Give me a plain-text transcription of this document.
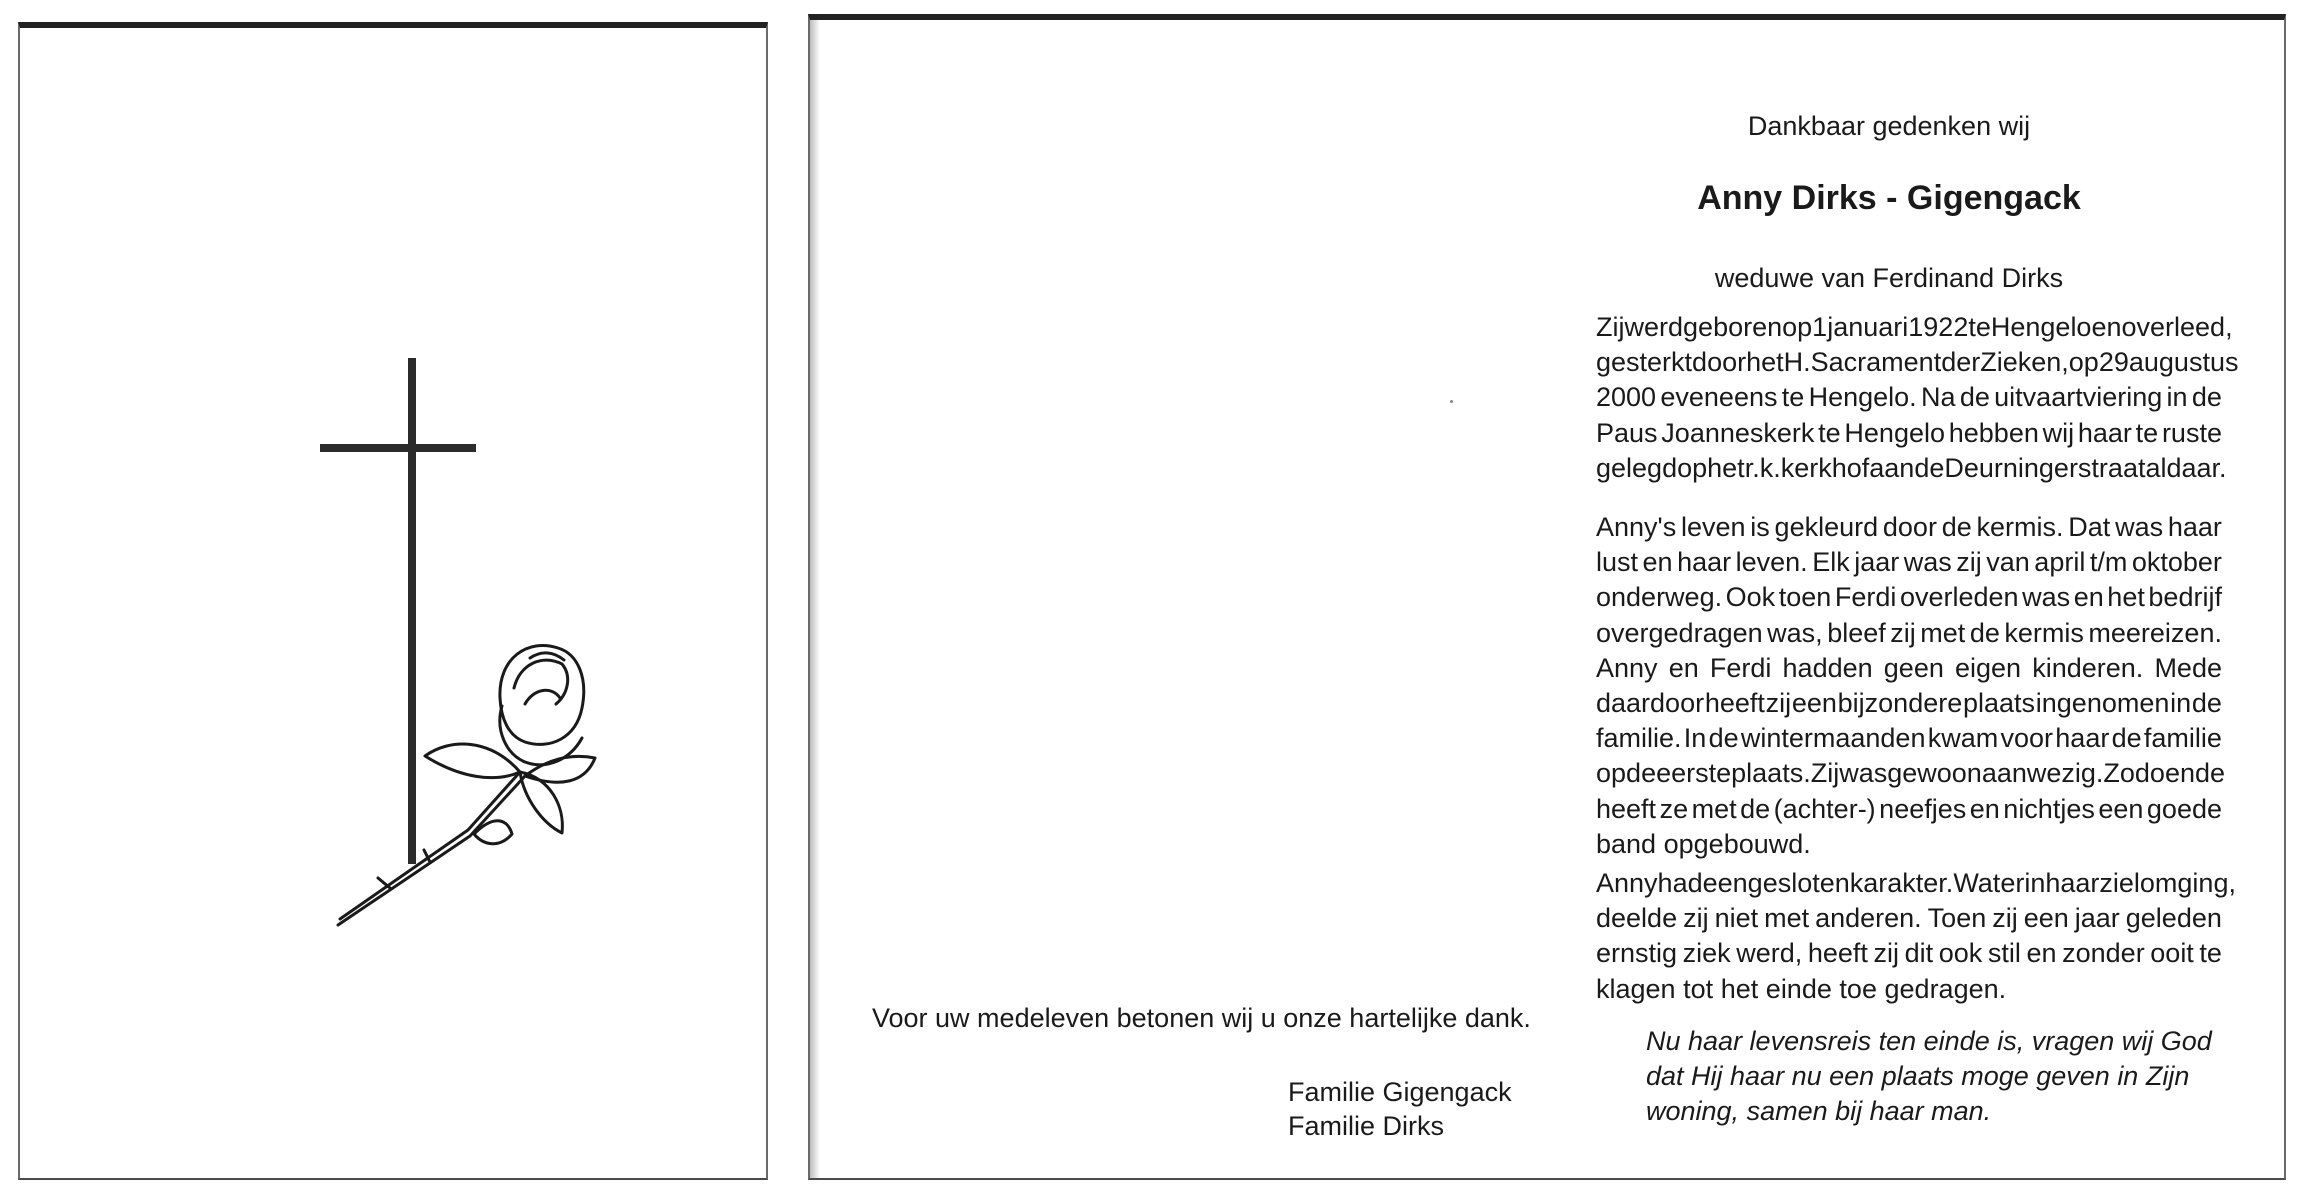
Dankbaar gedenken wij
Anny Dirks - Gigengack
weduwe van Ferdinand Dirks
Zij werd geboren op 1 januari 1922 te Hengelo en overleed,
gesterkt door het H. Sacrament der Zieken, op 29 augustus
2000 eveneens te Hengelo. Na de uitvaartviering in de
Paus Joanneskerk te Hengelo hebben wij haar te ruste
gelegd op het r.k. kerkhof aan de Deurningerstraat aldaar.
Anny's leven is gekleurd door de kermis. Dat was haar
lust en haar leven. Elk jaar was zij van april t/m oktober
onderweg. Ook toen Ferdi overleden was en het bedrijf
overgedragen was, bleef zij met de kermis meereizen.
Anny en Ferdi hadden geen eigen kinderen. Mede
daardoor heeft zij een bijzondere plaats ingenomen in de
familie. In de wintermaanden kwam voor haar de familie
op de eerste plaats. Zij was gewoon aanwezig. Zodoende
heeft ze met de (achter-) neefjes en nichtjes een goede
band opgebouwd.
Anny had een gesloten karakter. Wat er in haar ziel omging,
deelde zij niet met anderen. Toen zij een jaar geleden
ernstig ziek werd, heeft zij dit ook stil en zonder ooit te
klagen tot het einde toe gedragen.
Nu haar levensreis ten einde is, vragen wij God
dat Hij haar nu een plaats moge geven in Zijn
woning, samen bij haar man.
Voor uw medeleven betonen wij u onze hartelijke dank.
Familie Gigengack
Familie Dirks
